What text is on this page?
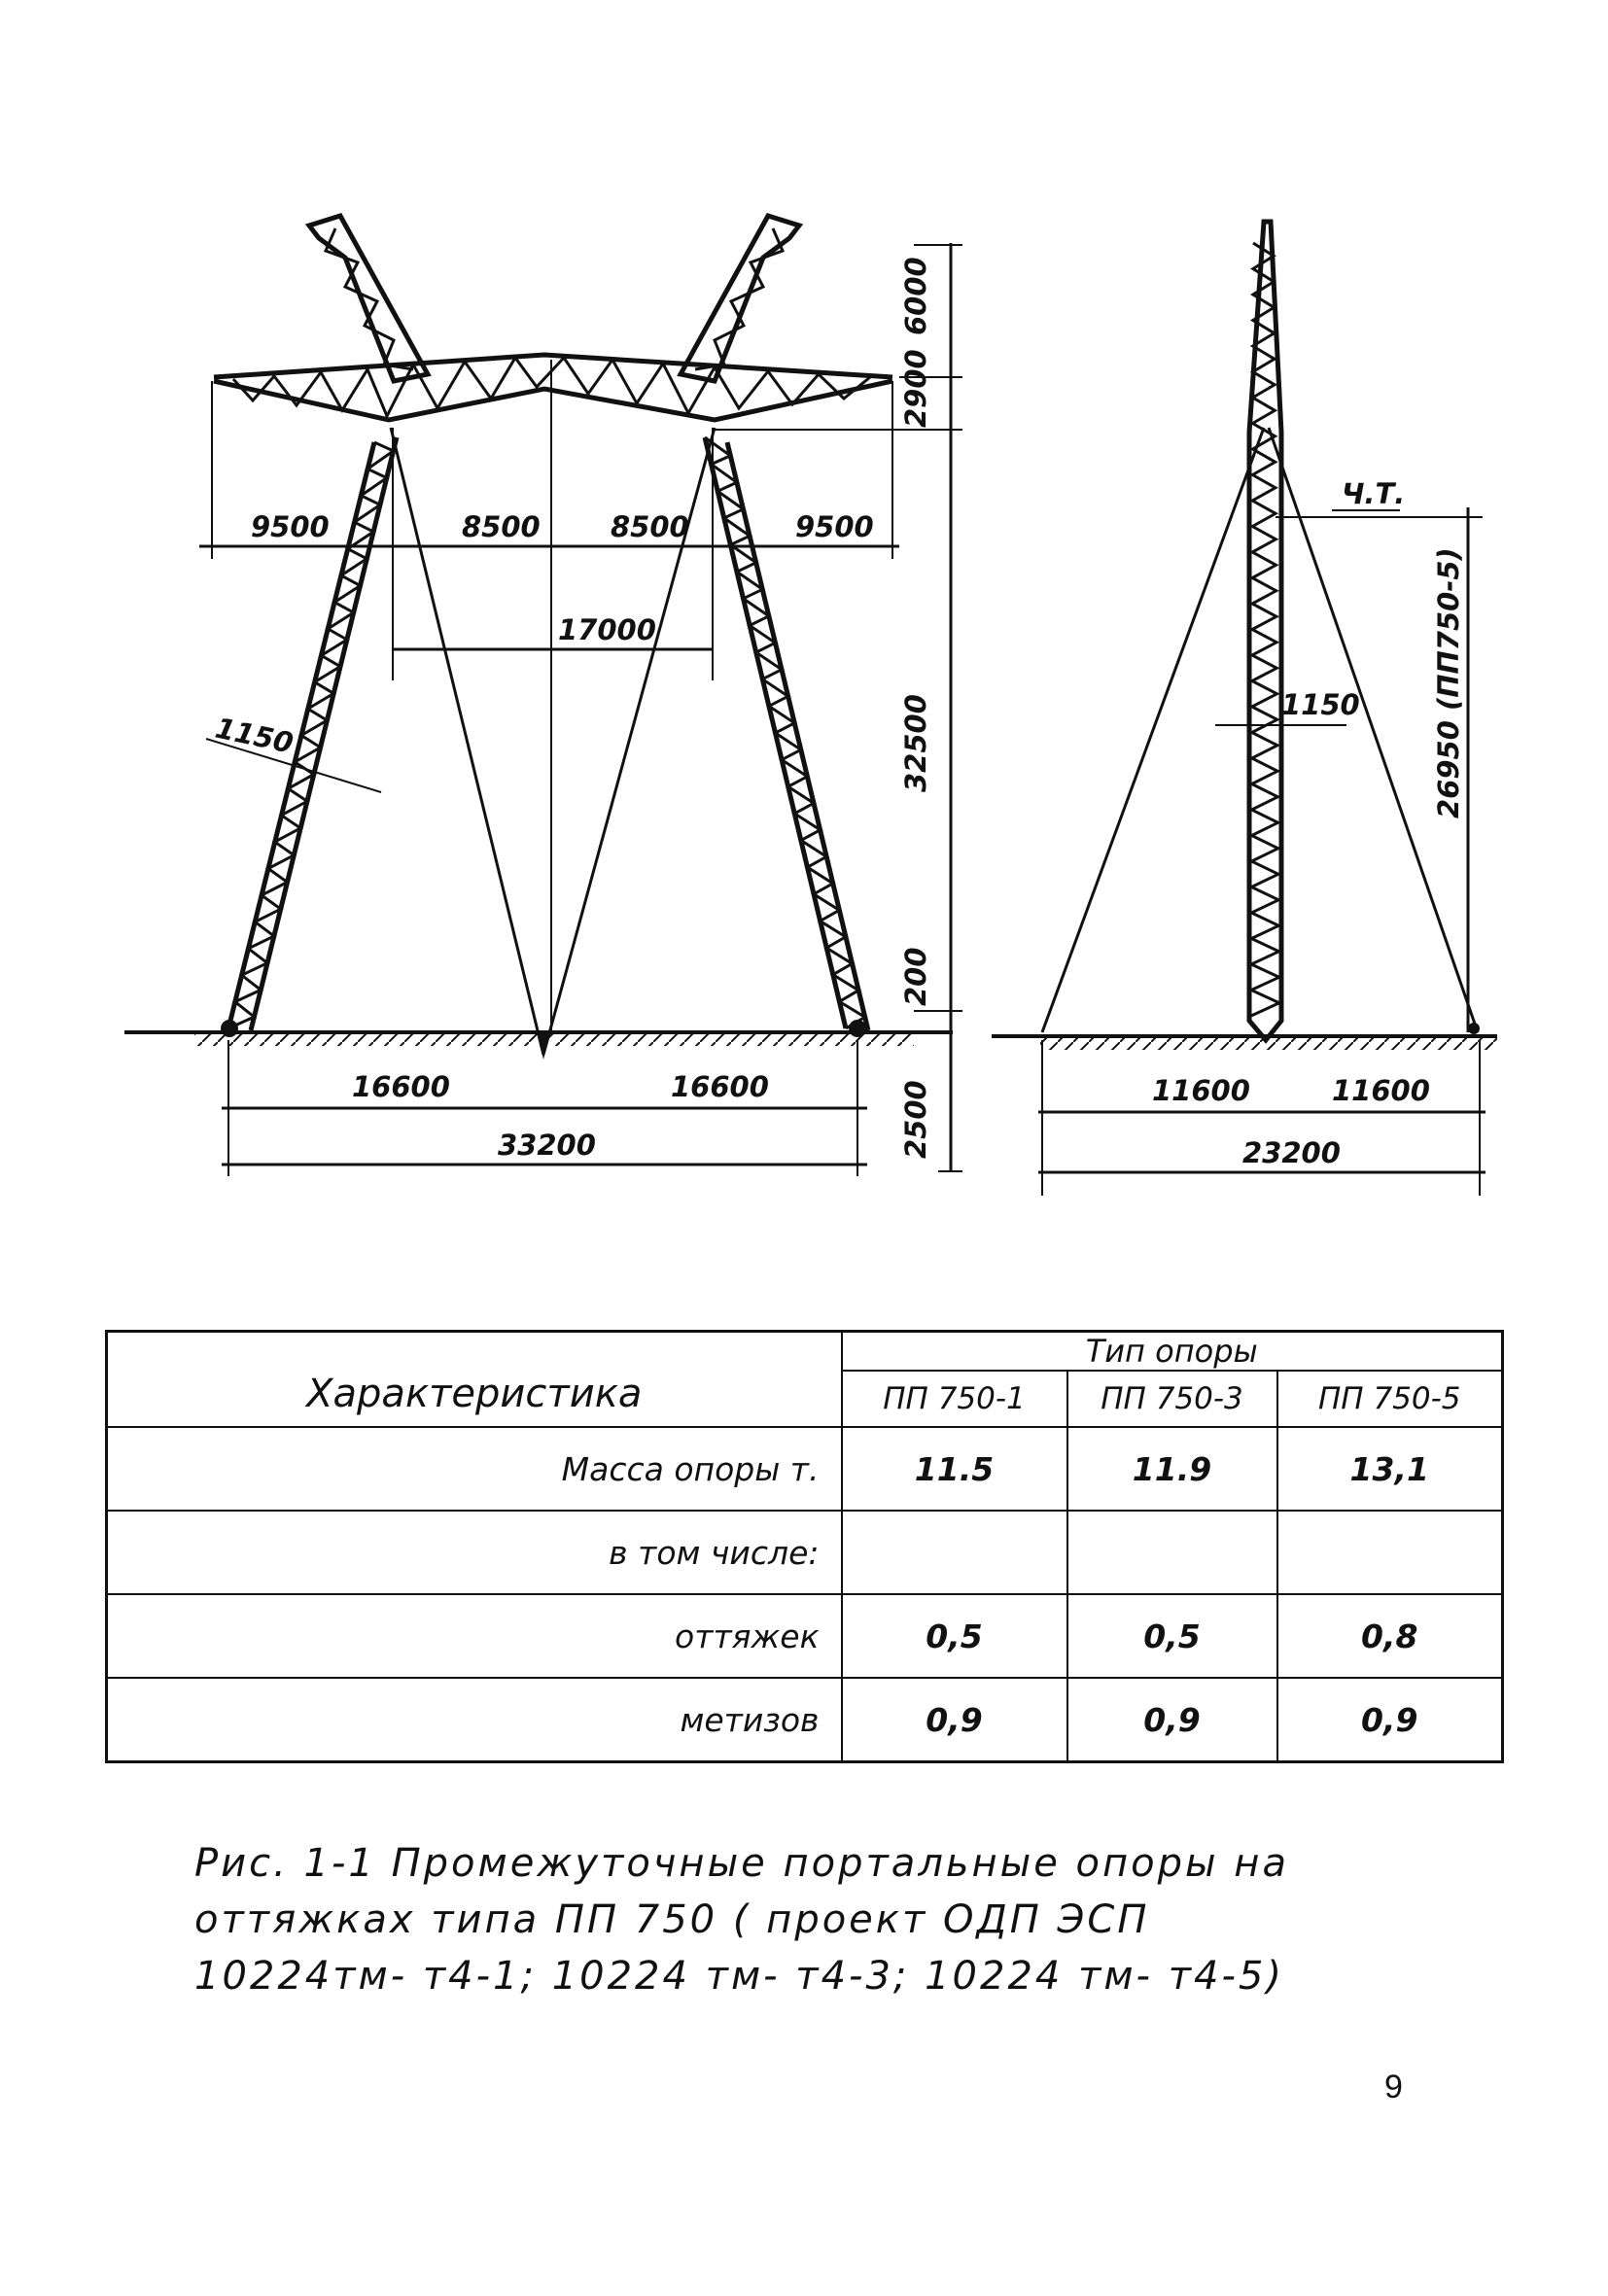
9500	8500 8500	9500
17000
1150
6000
2900
32500
200
2500
16600	16600
33200
Ч.Т.
26950 (ПП750-5)
1150
11600	11600
23200
Характеристика	Тип опоры		
	ПП 750-1	ПП 750-3	ПП 750-5
Масса опоры т.	11.5	11.9	13,1
в том числе:			
оттяжек	0,5	0,5	0,8
метизов	0,9	0,9	0,9
Рис. 1-1 Промежуточные портальные опоры на
оттяжках типа ПП 750 ( проект ОДП ЭСП
10224тм- т4-1; 10224 тм- т4-3; 10224 тм- т4-5)
9
